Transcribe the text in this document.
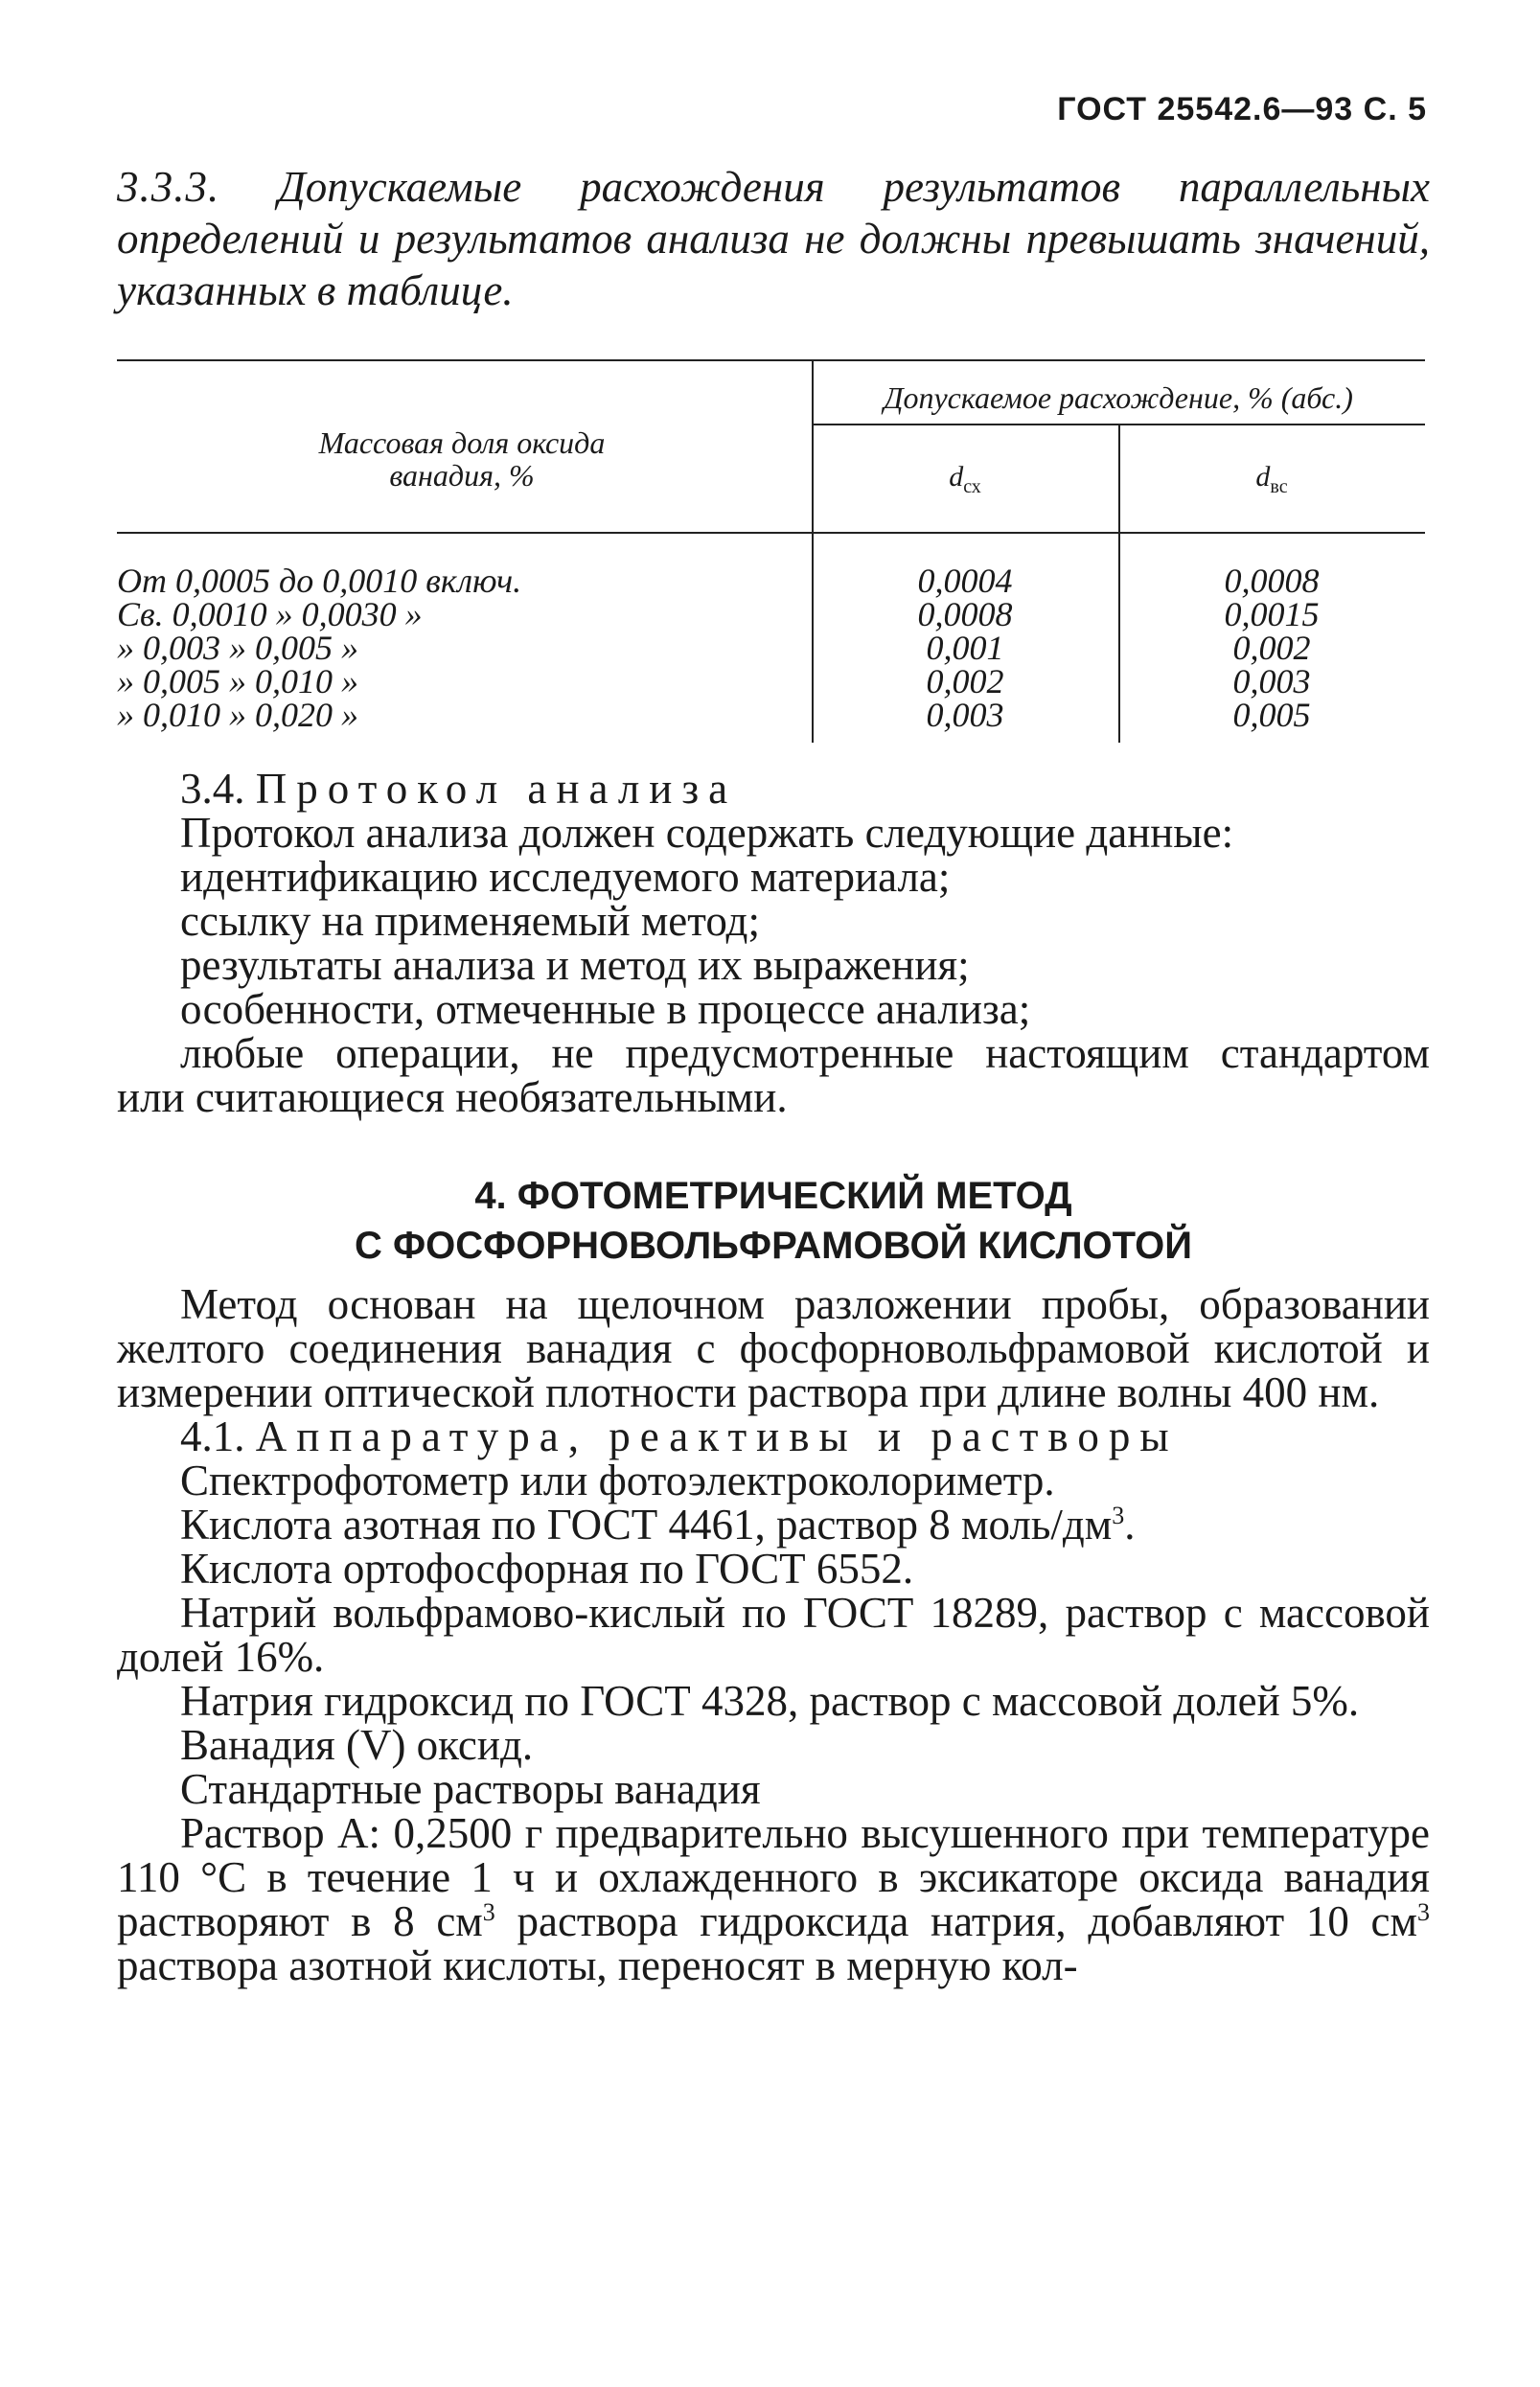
ГОСТ 25542.6—93 С. 5
3.3.3. Допускаемые расхождения результатов параллельных определений и результатов анализа не должны превышать значений, указанных в таблице.
Массовая доля оксида
ванадия, %
Допускаемое расхождение, % (абс.)
$d_{сх}$	$d_{вс}$
От 0,0005 до 0,0010 включ.	0,0004	0,0008
Св. 0,0010 » 0,0030 »	0,0008	0,0015
» 0,003 » 0,005 »	0,001	0,002
» 0,005 » 0,010 »	0,002	0,003
» 0,010 » 0,020 »	0,003	0,005
3.4. Протокол анализа
Протокол анализа должен содержать следующие данные:
идентификацию исследуемого материала;
ссылку на применяемый метод;
результаты анализа и метод их выражения;
особенности, отмеченные в процессе анализа;
любые операции, не предусмотренные настоящим стандартом
или считающиеся необязательными.
4. ФОТОМЕТРИЧЕСКИЙ МЕТОД
С ФОСФОРНОВОЛЬФРАМОВОЙ КИСЛОТОЙ
Метод основан на щелочном разложении пробы, образовании желтого соединения ванадия с фосфорновольфрамовой кислотой и измерении оптической плотности раствора при длине волны 400 нм.
4.1. Аппаратура, реактивы и растворы
Спектрофотометр или фотоэлектроколориметр.
Кислота азотная по ГОСТ 4461, раствор 8 моль/$дм^3$.
Кислота ортофосфорная по ГОСТ 6552.
Натрий вольфрамово-кислый по ГОСТ 18289, раствор с массовой долей 16%.
Натрия гидроксид по ГОСТ 4328, раствор с массовой долей 5%.
Ванадия (V) оксид.
Стандартные растворы ванадия
Раствор А: 0,2500 г предварительно высушенного при температуре 110 °С в течение 1 ч и охлажденного в эксикаторе оксида ванадия растворяют в 8 $см^3$ раствора гидроксида натрия, добавляют 10 $см^3$ раствора азотной кислоты, переносят в мерную кол-
